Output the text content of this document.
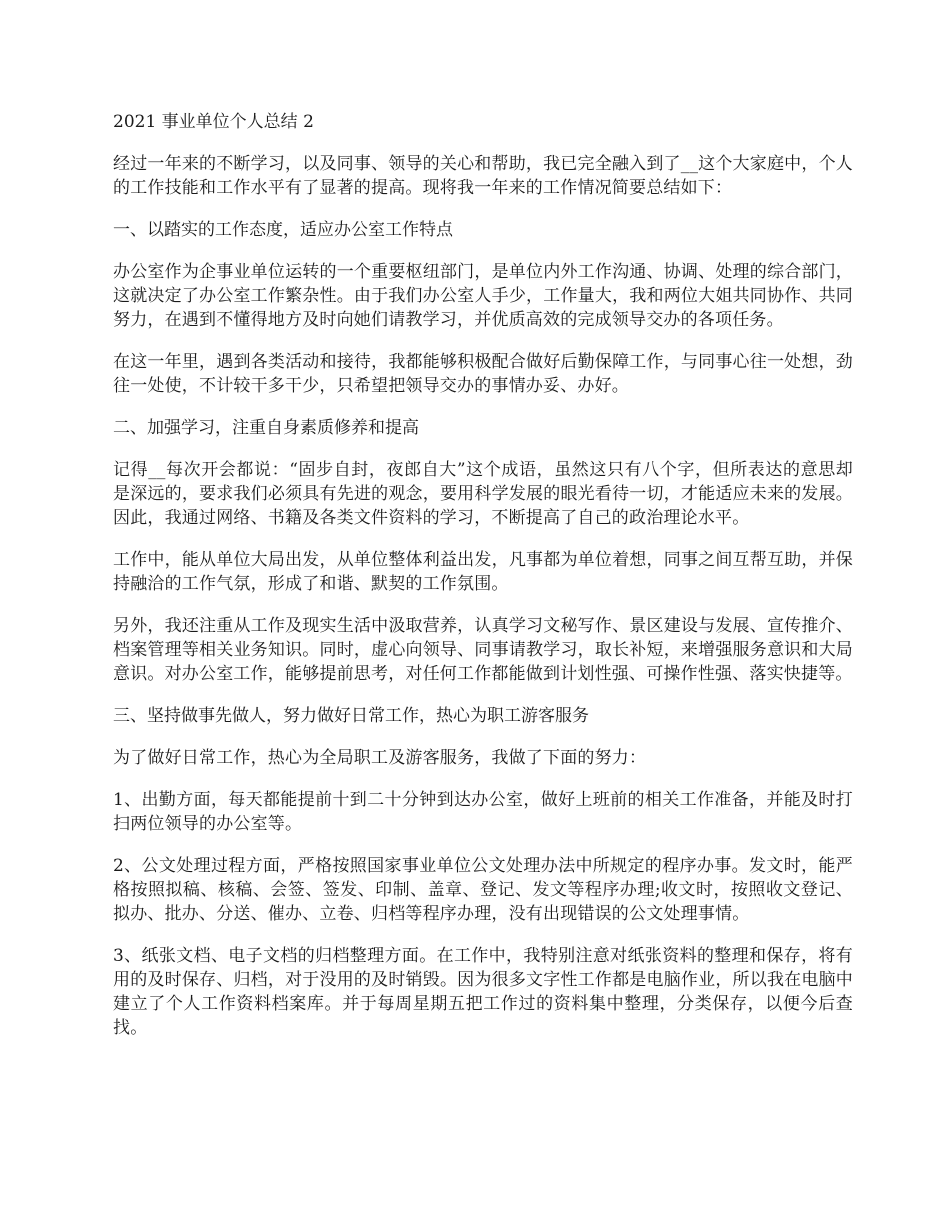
2021 事业单位个人总结 2

经过一年来的不断学习，以及同事、领导的关心和帮助，我已完全融入到了__这个大家庭中，个人的工作技能和工作水平有了显著的提高。现将我一年来的工作情况简要总结如下：

一、以踏实的工作态度，适应办公室工作特点

办公室作为企事业单位运转的一个重要枢纽部门，是单位内外工作沟通、协调、处理的综合部门，这就决定了办公室工作繁杂性。由于我们办公室人手少，工作量大，我和两位大姐共同协作、共同努力，在遇到不懂得地方及时向她们请教学习，并优质高效的完成领导交办的各项任务。

在这一年里，遇到各类活动和接待，我都能够积极配合做好后勤保障工作，与同事心往一处想，劲往一处使，不计较干多干少，只希望把领导交办的事情办妥、办好。

二、加强学习，注重自身素质修养和提高

记得__每次开会都说：“固步自封，夜郎自大”这个成语，虽然这只有八个字，但所表达的意思却是深远的，要求我们必须具有先进的观念，要用科学发展的眼光看待一切，才能适应未来的发展。因此，我通过网络、书籍及各类文件资料的学习，不断提高了自己的政治理论水平。

工作中，能从单位大局出发，从单位整体利益出发，凡事都为单位着想，同事之间互帮互助，并保持融洽的工作气氛，形成了和谐、默契的工作氛围。

另外，我还注重从工作及现实生活中汲取营养，认真学习文秘写作、景区建设与发展、宣传推介、档案管理等相关业务知识。同时，虚心向领导、同事请教学习，取长补短，来增强服务意识和大局意识。对办公室工作，能够提前思考，对任何工作都能做到计划性强、可操作性强、落实快捷等。

三、坚持做事先做人，努力做好日常工作，热心为职工游客服务

为了做好日常工作，热心为全局职工及游客服务，我做了下面的努力：

1、出勤方面，每天都能提前十到二十分钟到达办公室，做好上班前的相关工作准备，并能及时打扫两位领导的办公室等。

2、公文处理过程方面，严格按照国家事业单位公文处理办法中所规定的程序办事。发文时，能严格按照拟稿、核稿、会签、签发、印制、盖章、登记、发文等程序办理;收文时，按照收文登记、拟办、批办、分送、催办、立卷、归档等程序办理，没有出现错误的公文处理事情。

3、纸张文档、电子文档的归档整理方面。在工作中，我特别注意对纸张资料的整理和保存，将有用的及时保存、归档，对于没用的及时销毁。因为很多文字性工作都是电脑作业，所以我在电脑中建立了个人工作资料档案库。并于每周星期五把工作过的资料集中整理，分类保存，以便今后查找。
